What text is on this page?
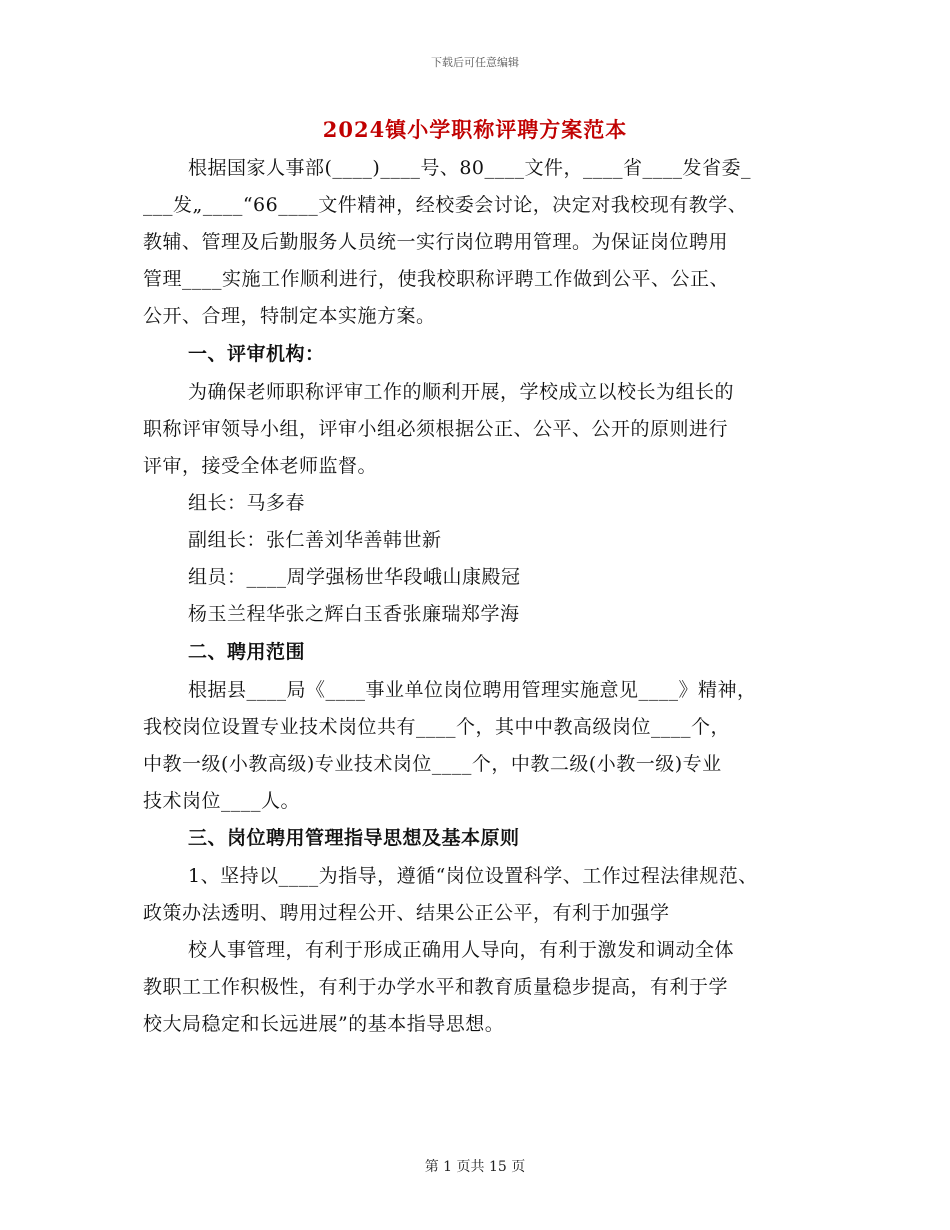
下载后可任意编辑
2024镇小学职称评聘方案范本
根据国家人事部(____)____号、80____文件，____省____发省委_
___发„____“66____文件精神，经校委会讨论，决定对我校现有教学、
教辅、管理及后勤服务人员统一实行岗位聘用管理。为保证岗位聘用
管理____实施工作顺利进行，使我校职称评聘工作做到公平、公正、
公开、合理，特制定本实施方案。
一、评审机构：
为确保老师职称评审工作的顺利开展，学校成立以校长为组长的
职称评审领导小组，评审小组必须根据公正、公平、公开的原则进行
评审，接受全体老师监督。
组长：马多春
副组长：张仁善刘华善韩世新
组员：____周学强杨世华段峨山康殿冠
杨玉兰程华张之辉白玉香张廉瑞郑学海
二、聘用范围
根据县____局《____事业单位岗位聘用管理实施意见____》精神，
我校岗位设置专业技术岗位共有____个，其中中教高级岗位____个，
中教一级(小教高级)专业技术岗位____个，中教二级(小教一级)专业
技术岗位____人。
三、岗位聘用管理指导思想及基本原则
1、坚持以____为指导，遵循“岗位设置科学、工作过程法律规范、
政策办法透明、聘用过程公开、结果公正公平，有利于加强学
校人事管理，有利于形成正确用人导向，有利于激发和调动全体
教职工工作积极性，有利于办学水平和教育质量稳步提高，有利于学
校大局稳定和长远进展”的基本指导思想。
第 1 页共 15 页
